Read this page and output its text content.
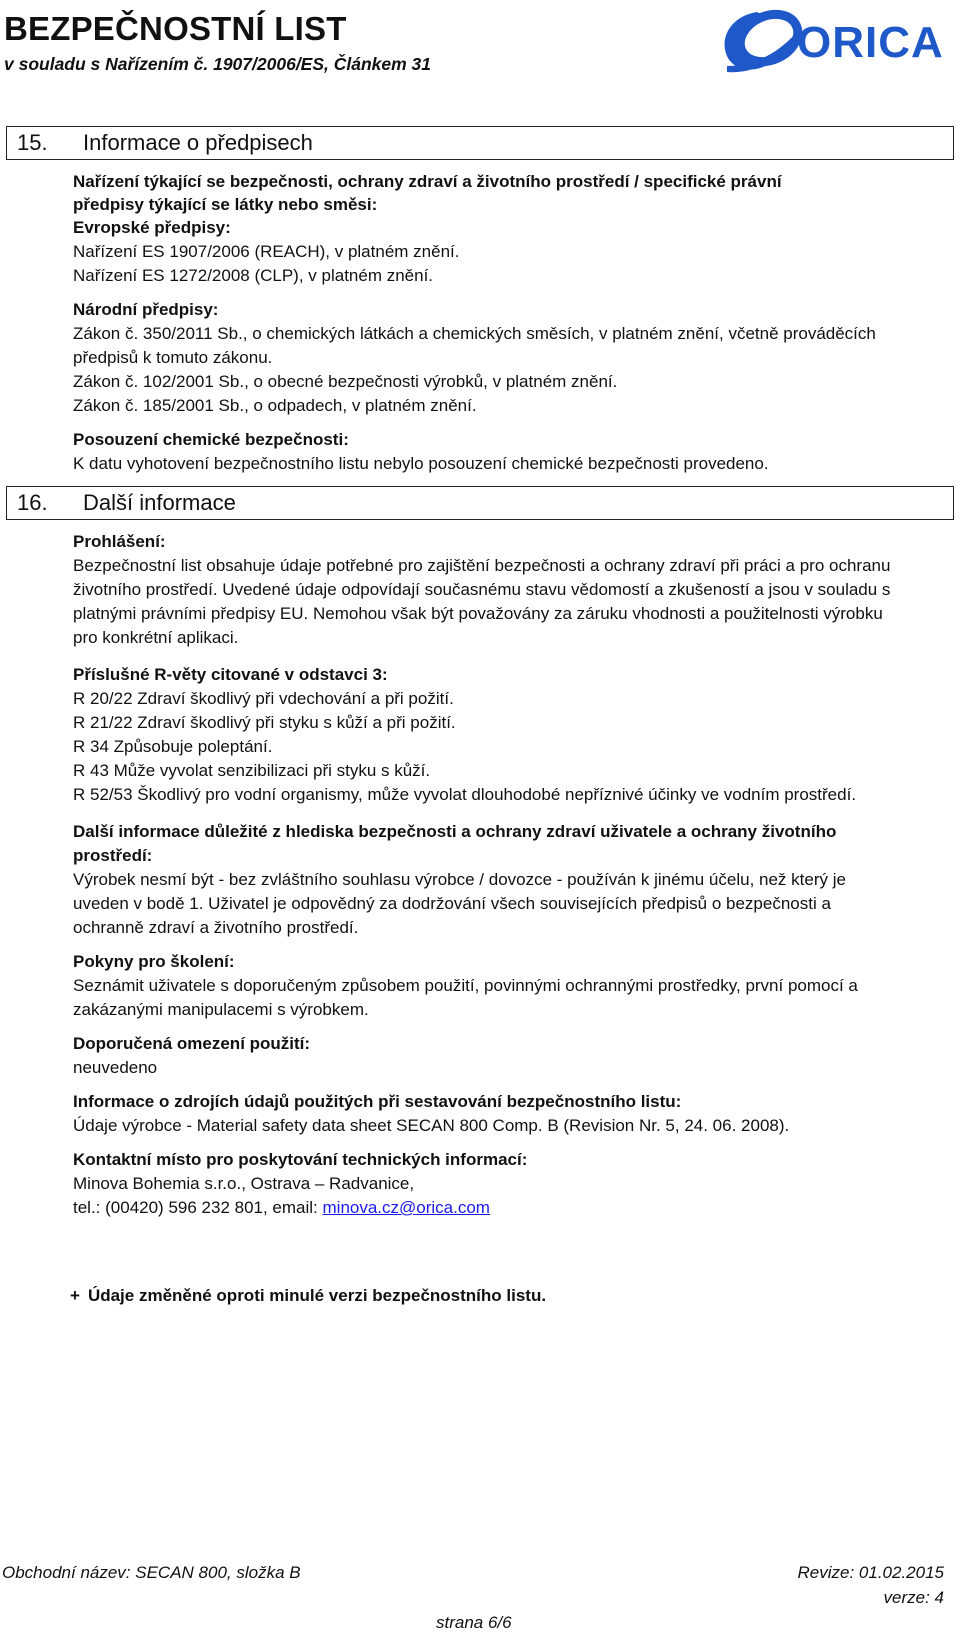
BEZPEČNOSTNÍ LIST
v souladu s Nařízením č. 1907/2006/ES, Článkem 31	ORICA
15.	Informace o předpisech
Nařízení týkající se bezpečnosti, ochrany zdraví a životního prostředí / specifické právní
předpisy týkající se látky nebo směsi:
Evropské předpisy:
Nařízení ES 1907/2006 (REACH), v platném znění.
Nařízení ES 1272/2008 (CLP), v platném znění.
Národní předpisy:
Zákon č. 350/2011 Sb., o chemických látkách a chemických směsích, v platném znění, včetně prováděcích předpisů k tomuto zákonu.
Zákon č. 102/2001 Sb., o obecné bezpečnosti výrobků, v platném znění.
Zákon č. 185/2001 Sb., o odpadech, v platném znění.
Posouzení chemické bezpečnosti:
K datu vyhotovení bezpečnostního listu nebylo posouzení chemické bezpečnosti provedeno.
16.	Další informace
Prohlášení:
Bezpečnostní list obsahuje údaje potřebné pro zajištění bezpečnosti a ochrany zdraví při práci a pro ochranu životního prostředí. Uvedené údaje odpovídají současnému stavu vědomostí a zkušeností a jsou v souladu s platnými právními předpisy EU. Nemohou však být považovány za záruku vhodnosti a použitelnosti výrobku pro konkrétní aplikaci.
Příslušné R-věty citované v odstavci 3:
R 20/22 Zdraví škodlivý při vdechování a při požití.
R 21/22 Zdraví škodlivý při styku s kůží a při požití.
R 34 Způsobuje poleptání.
R 43 Může vyvolat senzibilizaci při styku s kůží.
R 52/53 Škodlivý pro vodní organismy, může vyvolat dlouhodobé nepříznivé účinky ve vodním prostředí.
Další informace důležité z hlediska bezpečnosti a ochrany zdraví uživatele a ochrany životního prostředí:
Výrobek nesmí být - bez zvláštního souhlasu výrobce / dovozce - používán k jinému účelu, než který je uveden v bodě 1. Uživatel je odpovědný za dodržování všech souvisejících předpisů o bezpečnosti a ochranně zdraví a životního prostředí.
Pokyny pro školení:
Seznámit uživatele s doporučeným způsobem použití, povinnými ochrannými prostředky, první pomocí a zakázanými manipulacemi s výrobkem.
Doporučená omezení použití:
neuvedeno
Informace o zdrojích údajů použitých při sestavování bezpečnostního listu:
Údaje výrobce - Material safety data sheet SECAN 800 Comp. B (Revision Nr. 5, 24. 06. 2008).
Kontaktní místo pro poskytování technických informací:
Minova Bohemia s.r.o., Ostrava – Radvanice,
tel.: (00420) 596 232 801, email: minova.cz@orica.com
+ Údaje změněné oproti minulé verzi bezpečnostního listu.
Obchodní název: SECAN 800, složka B	Revize: 01.02.2015
verze: 4
strana 6/6
